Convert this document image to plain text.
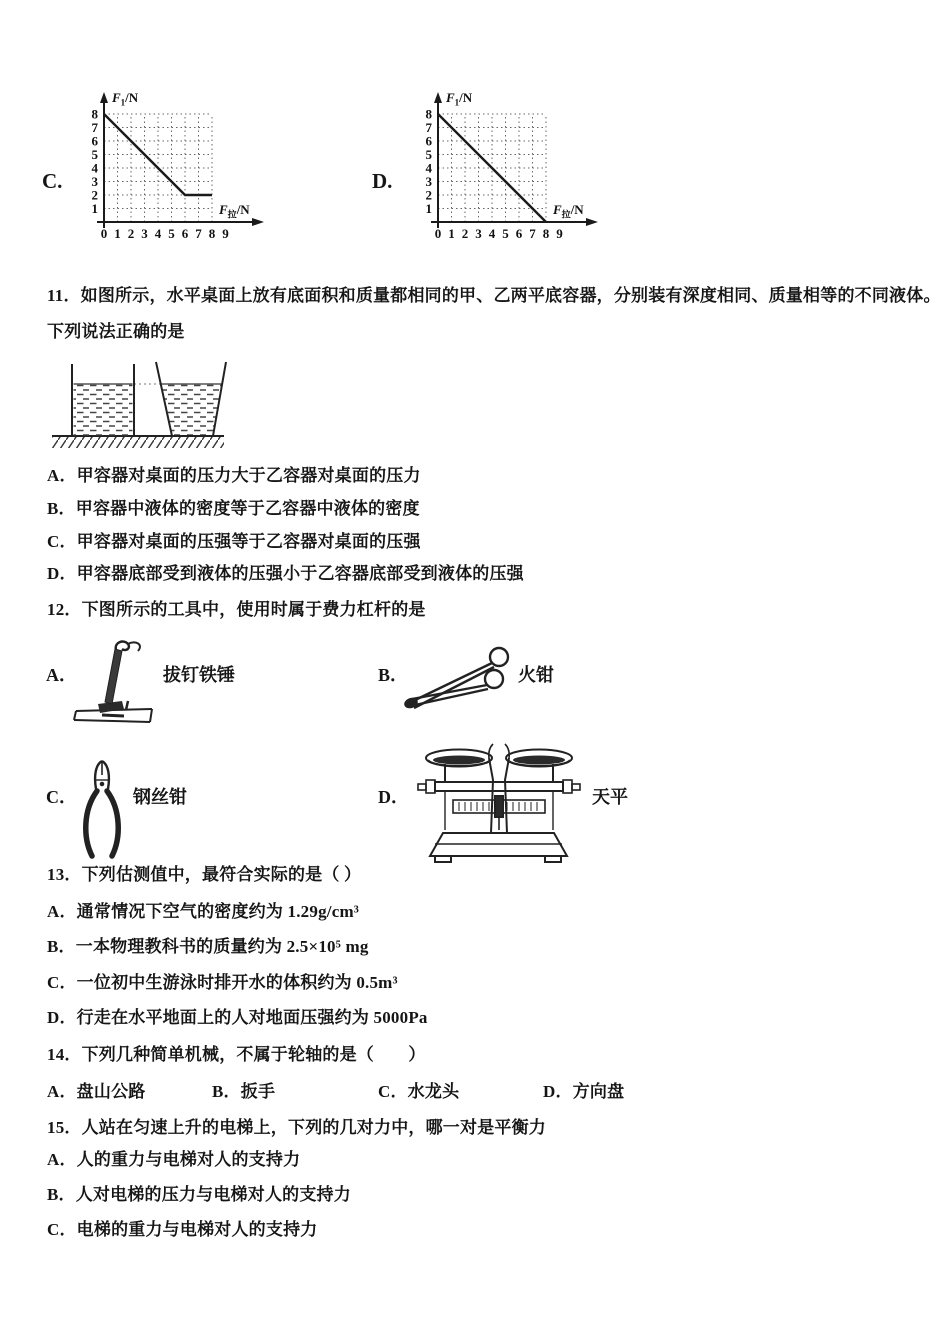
C.

1
2
3
4
5
6
7
8
0 1 2 3 4 5 6 7 8 9
$F_1/N$
$F_拉/N$

D.

1
2
3
4
5
6
7
8
0 1 2 3 4 5 6 7 8 9
$F_1/N$
$F_拉/N$

11．如图所示，水平桌面上放有底面积和质量都相同的甲、乙两平底容器，分别装有深度相同、质量相等的不同液体。

下列说法正确的是

A．甲容器对桌面的压力大于乙容器对桌面的压力

B．甲容器中液体的密度等于乙容器中液体的密度

C．甲容器对桌面的压强等于乙容器对桌面的压强

D．甲容器底部受到液体的压强小于乙容器底部受到液体的压强

12．下图所示的工具中，使用时属于费力杠杆的是

A．	拔钉铁锤	B．	火钳

C．	钢丝钳	D．	天平

13．下列估测值中，最符合实际的是（ ）

A．通常情况下空气的密度约为 1.29g/cm³

B．一本物理教科书的质量约为 2.5×10⁵ mg

C．一位初中生游泳时排开水的体积约为 0.5m³

D．行走在水平地面上的人对地面压强约为 5000Pa

14．下列几种简单机械，不属于轮轴的是（　　）

A．盘山公路	B．扳手	C．水龙头	D．方向盘

15．人站在匀速上升的电梯上，下列的几对力中，哪一对是平衡力

A．人的重力与电梯对人的支持力

B．人对电梯的压力与电梯对人的支持力

C．电梯的重力与电梯对人的支持力
